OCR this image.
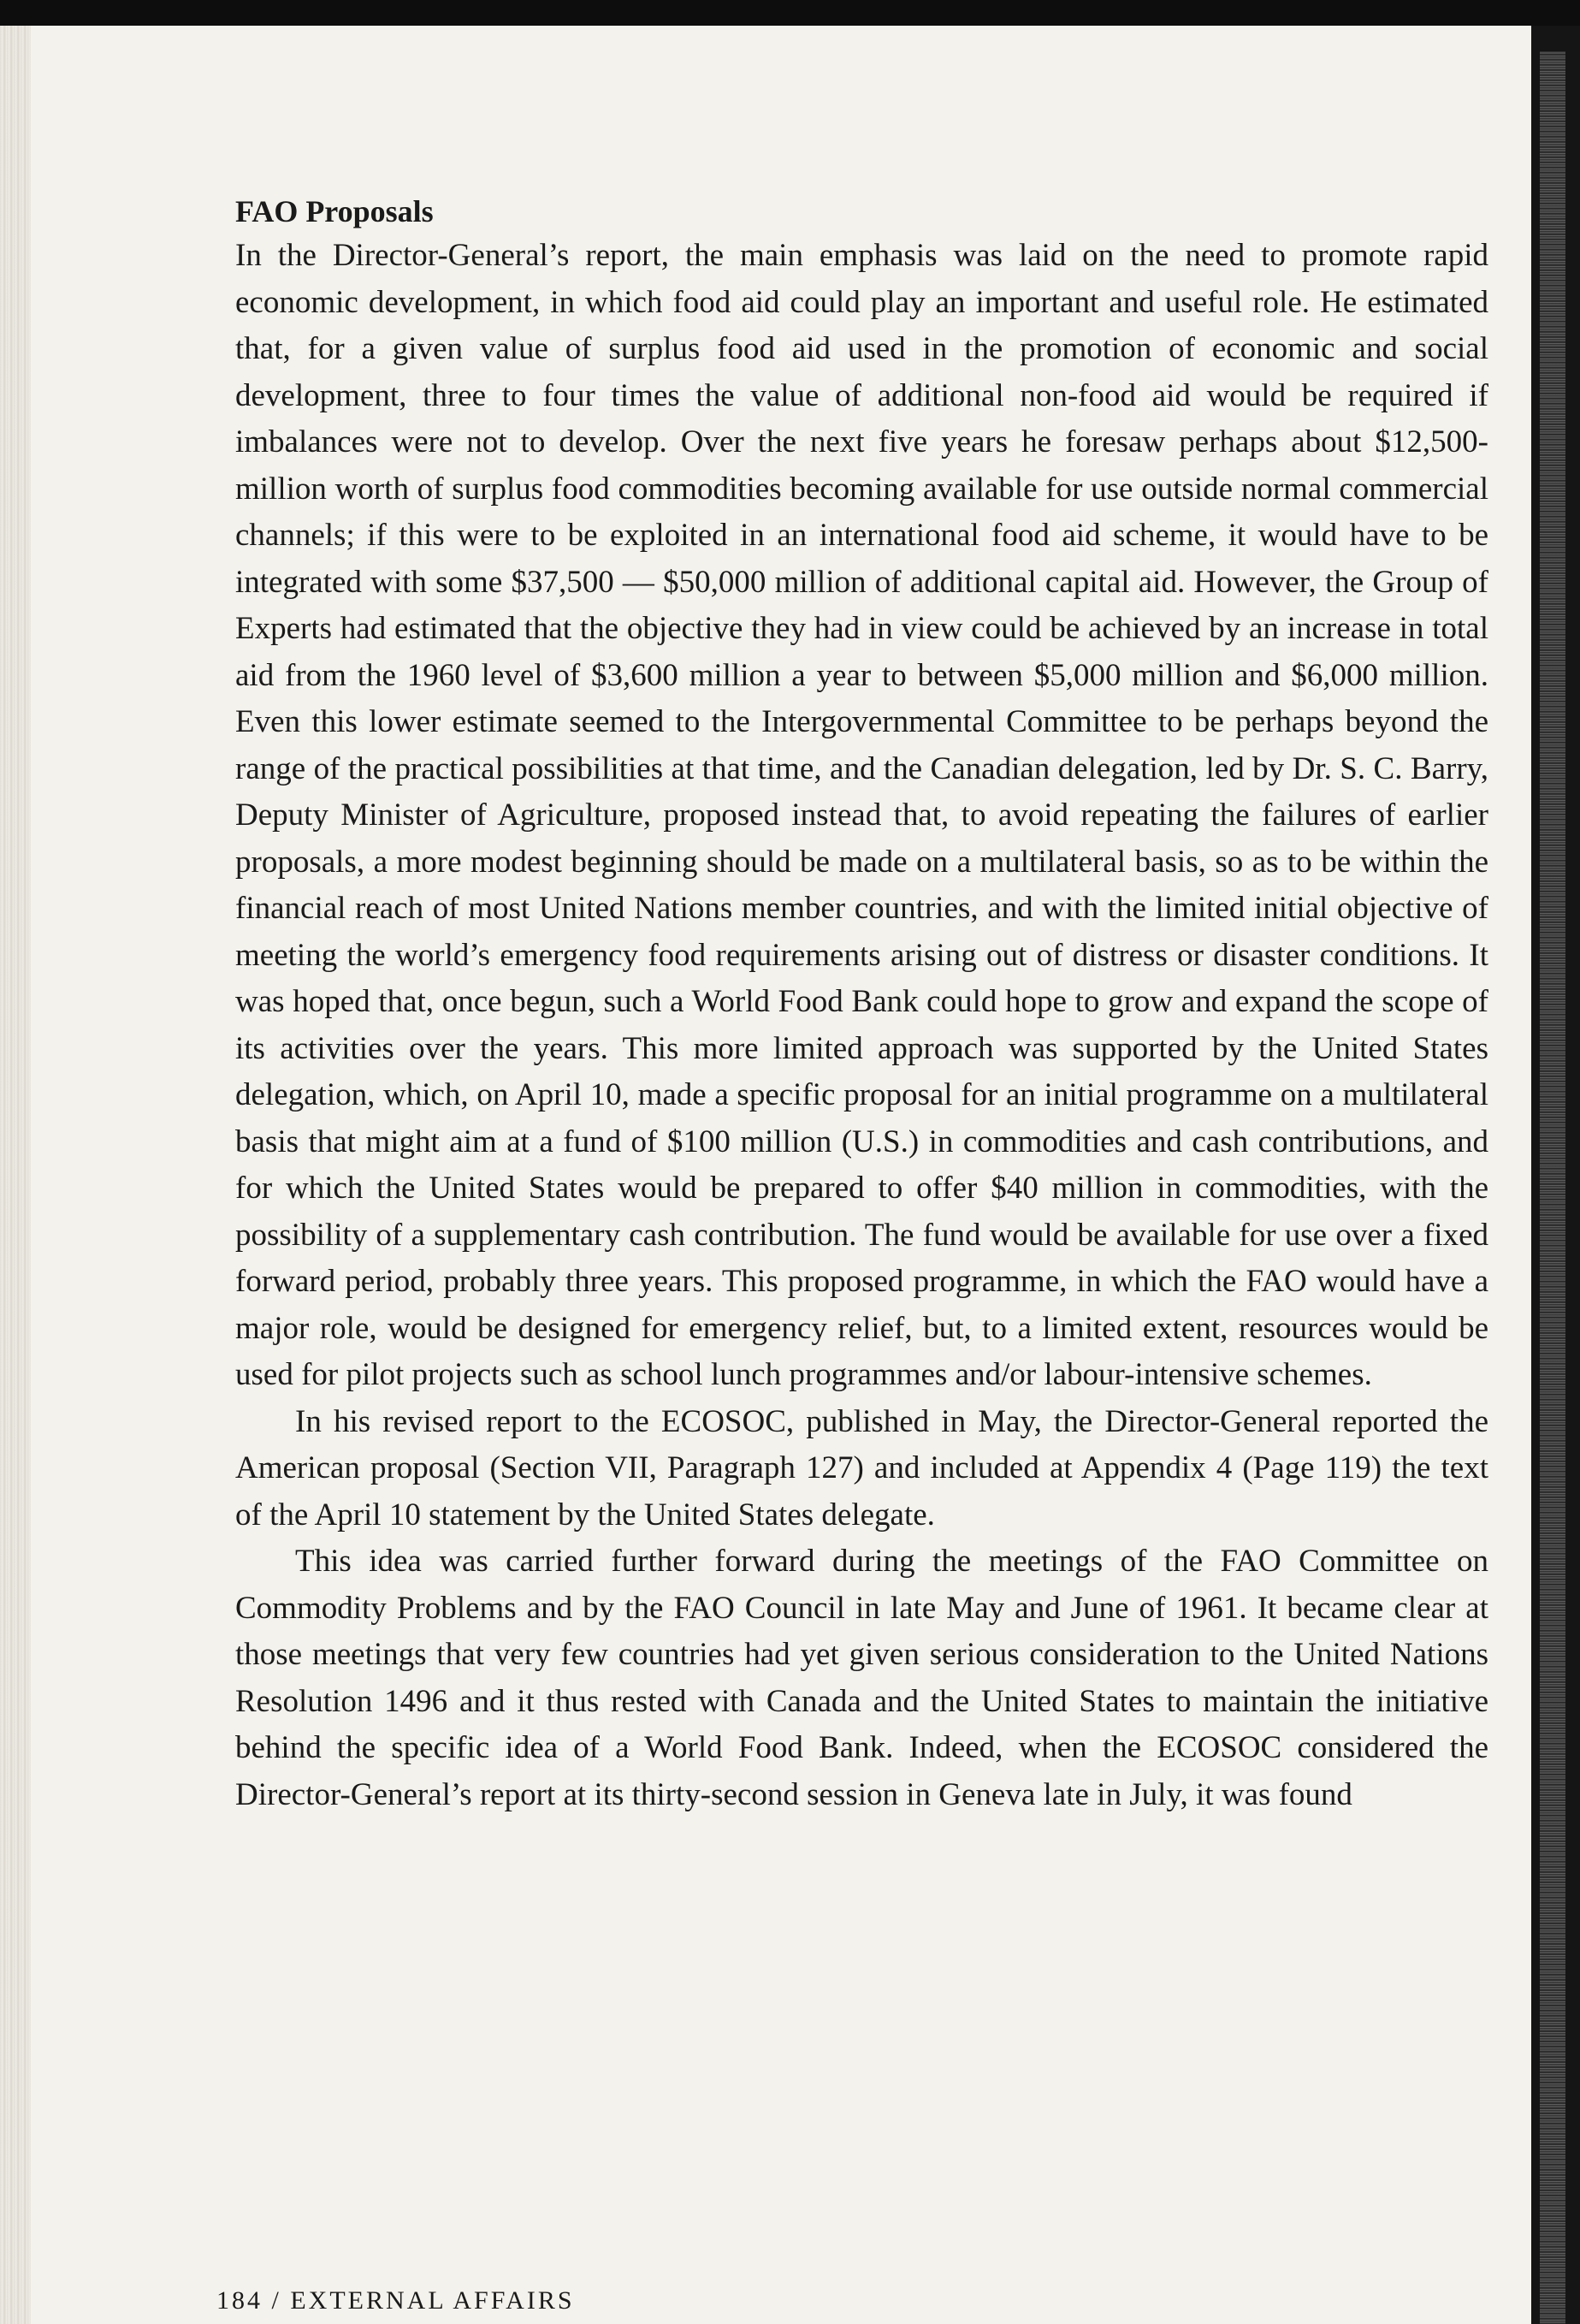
FAO Proposals

In the Director-General’s report, the main emphasis was laid on the need to promote rapid economic development, in which food aid could play an important and useful role. He estimated that, for a given value of surplus food aid used in the promotion of economic and social development, three to four times the value of additional non-food aid would be required if imbalances were not to develop. Over the next five years he foresaw perhaps about $12,500-million worth of surplus food commodities becoming available for use outside normal commercial channels; if this were to be exploited in an international food aid scheme, it would have to be integrated with some $37,500 — $50,000 million of additional capital aid. However, the Group of Experts had estimated that the objective they had in view could be achieved by an increase in total aid from the 1960 level of $3,600 million a year to between $5,000 million and $6,000 million. Even this lower estimate seemed to the Intergovernmental Committee to be perhaps beyond the range of the practical possibilities at that time, and the Canadian delegation, led by Dr. S. C. Barry, Deputy Minister of Agriculture, proposed instead that, to avoid repeating the failures of earlier proposals, a more modest beginning should be made on a multilateral basis, so as to be within the financial reach of most United Nations member countries, and with the limited initial objective of meeting the world’s emergency food requirements arising out of distress or disaster conditions. It was hoped that, once begun, such a World Food Bank could hope to grow and expand the scope of its activities over the years. This more limited approach was supported by the United States delegation, which, on April 10, made a specific proposal for an initial programme on a multilateral basis that might aim at a fund of $100 million (U.S.) in commodities and cash contributions, and for which the United States would be prepared to offer $40 million in commodities, with the possibility of a supplementary cash contribution. The fund would be available for use over a fixed forward period, probably three years. This proposed programme, in which the FAO would have a major role, would be designed for emergency relief, but, to a limited extent, resources would be used for pilot projects such as school lunch programmes and/or labour-intensive schemes.

In his revised report to the ECOSOC, published in May, the Director-General reported the American proposal (Section VII, Paragraph 127) and included at Appendix 4 (Page 119) the text of the April 10 statement by the United States delegate.

This idea was carried further forward during the meetings of the FAO Committee on Commodity Problems and by the FAO Council in late May and June of 1961. It became clear at those meetings that very few countries had yet given serious consideration to the United Nations Resolution 1496 and it thus rested with Canada and the United States to maintain the initiative behind the specific idea of a World Food Bank. Indeed, when the ECOSOC considered the Director-General’s report at its thirty-second session in Geneva late in July, it was found

184 / EXTERNAL AFFAIRS
